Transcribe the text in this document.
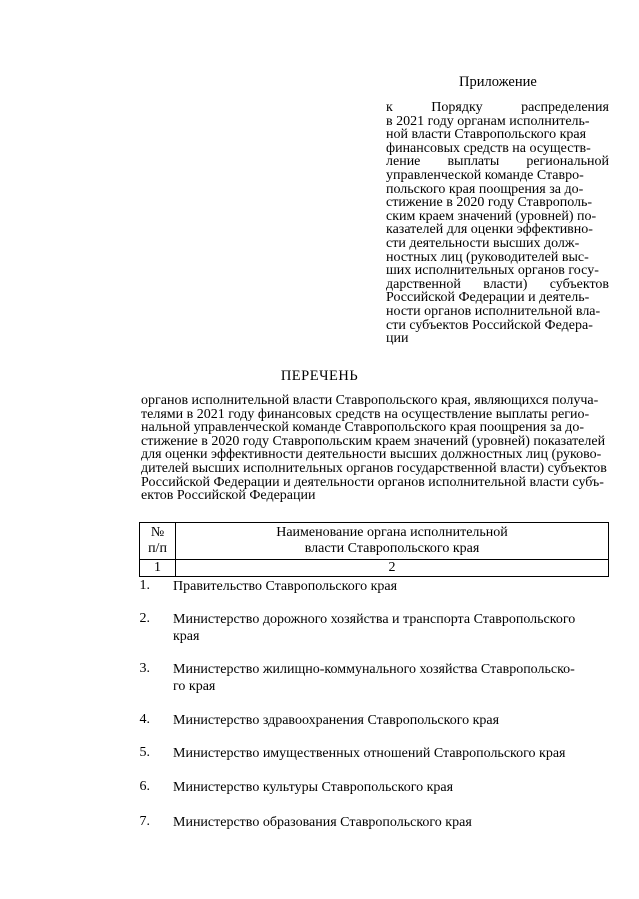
Приложение
к	Порядку	распределения
в 2021 году органам исполнитель-
ной власти Ставропольского края
финансовых средств на осуществ-
ление выплаты региональной
управленческой команде Ставро-
польского края поощрения за до-
стижение в 2020 году Ставрополь-
ским краем значений (уровней) по-
казателей для оценки эффективно-
сти деятельности высших долж-
ностных лиц (руководителей выс-
ших исполнительных органов госу-
дарственной власти) субъектов
Российской Федерации и деятель-
ности органов исполнительной вла-
сти субъектов Российской Федера-
ции
ПЕРЕЧЕНЬ
органов исполнительной власти Ставропольского края, являющихся получа-
телями в 2021 году финансовых средств на осуществление выплаты регио-
нальной управленческой команде Ставропольского края поощрения за до-
стижение в 2020 году Ставропольским краем значений (уровней) показателей
для оценки эффективности деятельности высших должностных лиц (руково-
дителей высших исполнительных органов государственной власти) субъектов
Российской Федерации и деятельности органов исполнительной власти субъ-
ектов Российской Федерации
№
п/п	Наименование органа исполнительной
власти Ставропольского края
1	2
1. Правительство Ставропольского края
2. Министерство дорожного хозяйства и транспорта Ставропольского
края
3. Министерство жилищно-коммунального хозяйства Ставропольско-
го края
4. Министерство здравоохранения Ставропольского края
5. Министерство имущественных отношений Ставропольского края
6. Министерство культуры Ставропольского края
7. Министерство образования Ставропольского края
